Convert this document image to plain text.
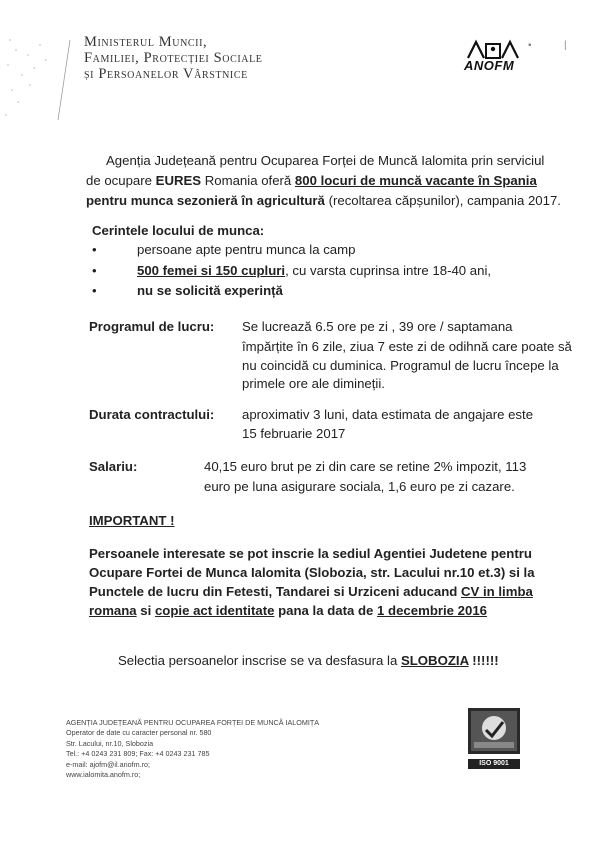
Ministerul Muncii,
Familiei, Protecției Sociale
și Persoanelor Vârstnice
ANOFM
▪	|
Agenția Județeană pentru Ocuparea Forței de Muncă Ialomita prin serviciul
de ocupare EURES Romania oferă 800 locuri de muncă vacante în Spania
pentru munca sezonieră în agricultură (recoltarea căpșunilor), campania 2017.
Cerintele locului de munca:
•	persoane apte pentru munca la camp
•	500 femei si 150 cupluri, cu varsta cuprinsa intre 18-40 ani,
•	nu se solicită experință
Programul de lucru: Se lucrează 6.5 ore pe zi , 39 ore / saptamana
împărțite în 6 zile, ziua 7 este zi de odihnă care poate să
nu coincidă cu duminica. Programul de lucru începe la
primele ore ale dimineții.
Durata contractului: aproximativ 3 luni, data estimata de angajare este
15 februarie 2017
Salariu:	40,15 euro brut pe zi din care se retine 2% impozit, 113
euro pe luna asigurare sociala, 1,6 euro pe zi cazare.
IMPORTANT !
Persoanele interesate se pot inscrie la sediul Agentiei Judetene pentru
Ocupare Fortei de Munca Ialomita (Slobozia, str. Lacului nr.10 et.3) si la
Punctele de lucru din Fetesti, Tandarei si Urziceni aducand CV in limba
romana si copie act identitate pana la data de 1 decembrie 2016
Selectia persoanelor inscrise se va desfasura la SLOBOZIA !!!!!!
AGENȚIA JUDEȚEANĂ PENTRU OCUPAREA FORȚEI DE MUNCĂ IALOMIȚA
Operator de date cu caracter personal nr. 580
Str. Lacului, nr.10, Slobozia
Tel.: +4 0243 231 809; Fax: +4 0243 231 785
e-mail: ajofm@il.anofm.ro;
www.ialomita.anofm.ro;
ISO 9001
